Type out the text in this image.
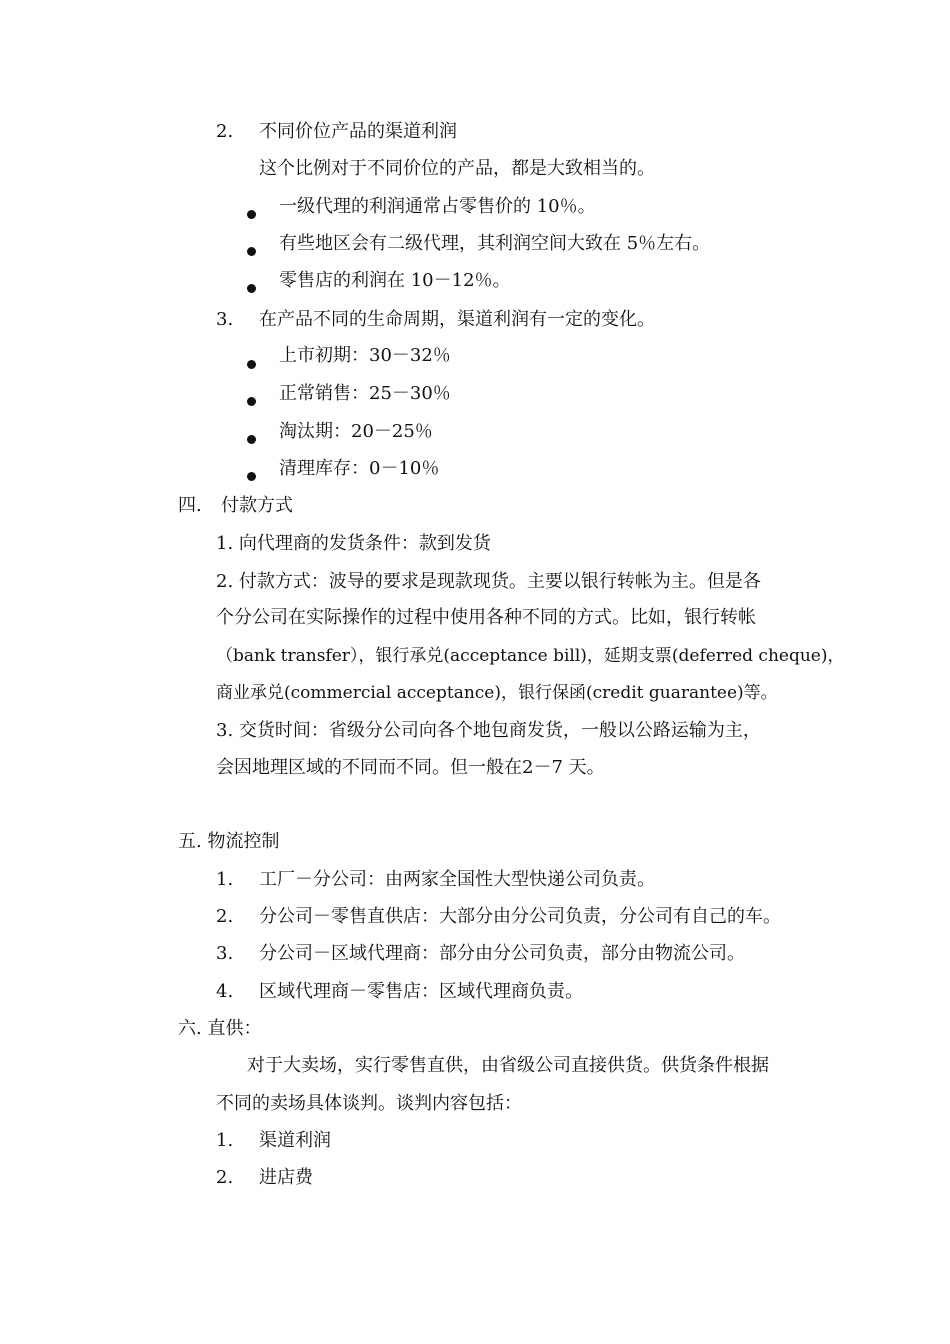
2. 不同价位产品的渠道利润
这个比例对于不同价位的产品，都是大致相当的。
一级代理的利润通常占零售价的 10％。
有些地区会有二级代理，其利润空间大致在 5％左右。
零售店的利润在 10－12％。
3. 在产品不同的生命周期，渠道利润有一定的变化。
上市初期：30－32％
正常销售：25－30％
淘汰期：20－25％
清理库存：0－10％
四. 付款方式
1. 向代理商的发货条件：款到发货
2. 付款方式：波导的要求是现款现货。主要以银行转帐为主。但是各
个分公司在实际操作的过程中使用各种不同的方式。比如，银行转帐
（bank transfer），银行承兑(acceptance bill)，延期支票(deferred cheque)，
商业承兑(commercial acceptance)，银行保函(credit guarantee)等。
3. 交货时间：省级分公司向各个地包商发货，一般以公路运输为主，
会因地理区域的不同而不同。但一般在2－7 天。
五. 物流控制
1. 工厂－分公司：由两家全国性大型快递公司负责。
2. 分公司－零售直供店：大部分由分公司负责，分公司有自己的车。
3. 分公司－区域代理商：部分由分公司负责，部分由物流公司。
4. 区域代理商－零售店：区域代理商负责。
六. 直供：
对于大卖场，实行零售直供，由省级公司直接供货。供货条件根据
不同的卖场具体谈判。谈判内容包括：
1. 渠道利润
2. 进店费
